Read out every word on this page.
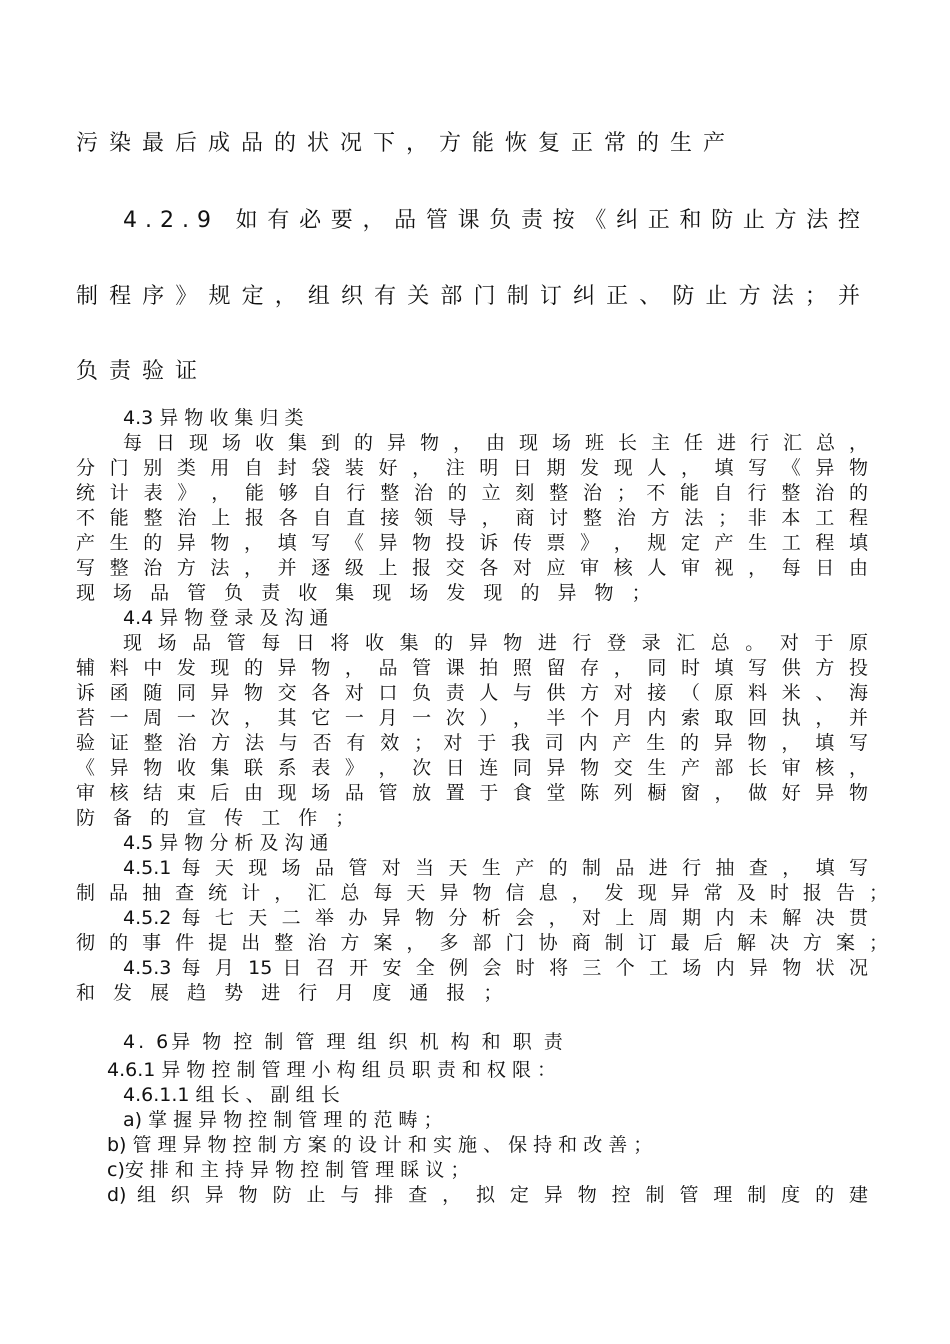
污染最后成品的状况下，方能恢复正常的生产
4.2.9 如有必要，品管课负责按《纠正和防止方法控
制程序》规定，组织有关部门制订纠正、防止方法；并
负责验证
4.3 异 物 收 集 归 类
每 日 现 场 收 集 到 的 异 物 ， 由 现 场 班 长 主 任 进 行 汇 总 ，
分 门 别 类 用 自 封 袋 装 好 ， 注 明 日 期 发 现 人 ， 填 写 《 异 物
统 计 表 》 ， 能 够 自 行 整 治 的 立 刻 整 治 ； 不 能 自 行 整 治 的
不 能 整 治 上 报 各 自 直 接 领 导 ， 商 讨 整 治 方 法 ； 非 本 工 程
产 生 的 异 物 ， 填 写 《 异 物 投 诉 传 票 》 ， 规 定 产 生 工 程 填
写 整 治 方 法 ， 并 逐 级 上 报 交 各 对 应 审 核 人 审 视 ， 每 日 由
现 场 品 管 负 责 收 集 现 场 发 现 的 异 物 ；
4.4 异 物 登 录 及 沟 通
现 场 品 管 每 日 将 收 集 的 异 物 进 行 登 录 汇 总 。 对 于 原
辅 料 中 发 现 的 异 物 ， 品 管 课 拍 照 留 存 ， 同 时 填 写 供 方 投
诉 函 随 同 异 物 交 各 对 口 负 责 人 与 供 方 对 接 （ 原 料 米 、 海
苔 一 周 一 次 ， 其 它 一 月 一 次 ） ， 半 个 月 内 索 取 回 执 ， 并
验 证 整 治 方 法 与 否 有 效 ； 对 于 我 司 内 产 生 的 异 物 ， 填 写
《 异 物 收 集 联 系 表 》 ， 次 日 连 同 异 物 交 生 产 部 长 审 核 ，
审 核 结 束 后 由 现 场 品 管 放 置 于 食 堂 陈 列 橱 窗 ， 做 好 异 物
防 备 的 宣 传 工 作 ；
4.5 异 物 分 析 及 沟 通
4.5.1 每 天 现 场 品 管 对 当 天 生 产 的 制 品 进 行 抽 查 ， 填 写
制 品 抽 查 统 计 ， 汇 总 每 天 异 物 信 息 ， 发 现 异 常 及 时 报 告 ；
4.5.2 每 七 天 二 举 办 异 物 分 析 会 ， 对 上 周 期 内 未 解 决 贯
彻 的 事 件 提 出 整 治 方 案 ， 多 部 门 协 商 制 订 最 后 解 决 方 案 ；
4.5.3 每 月 15 日 召 开 安 全 例 会 时 将 三 个 工 场 内 异 物 状 况
和 发 展 趋 势 进 行 月 度 通 报 ；
4. 6异 物 控 制 管 理 组 织 机 构 和 职 责
4.6.1 异 物 控 制 管 理 小 构 组 员 职 责 和 权 限 ：
4.6.1.1 组 长 、 副 组 长
a) 掌 握 异 物 控 制 管 理 的 范 畴 ；
b) 管 理 异 物 控 制 方 案 的 设 计 和 实 施 、 保 持 和 改 善 ；
c)安 排 和 主 持 异 物 控 制 管 理 睬 议 ；
d) 组 织 异 物 防 止 与 排 查 ， 拟 定 异 物 控 制 管 理 制 度 的 建
